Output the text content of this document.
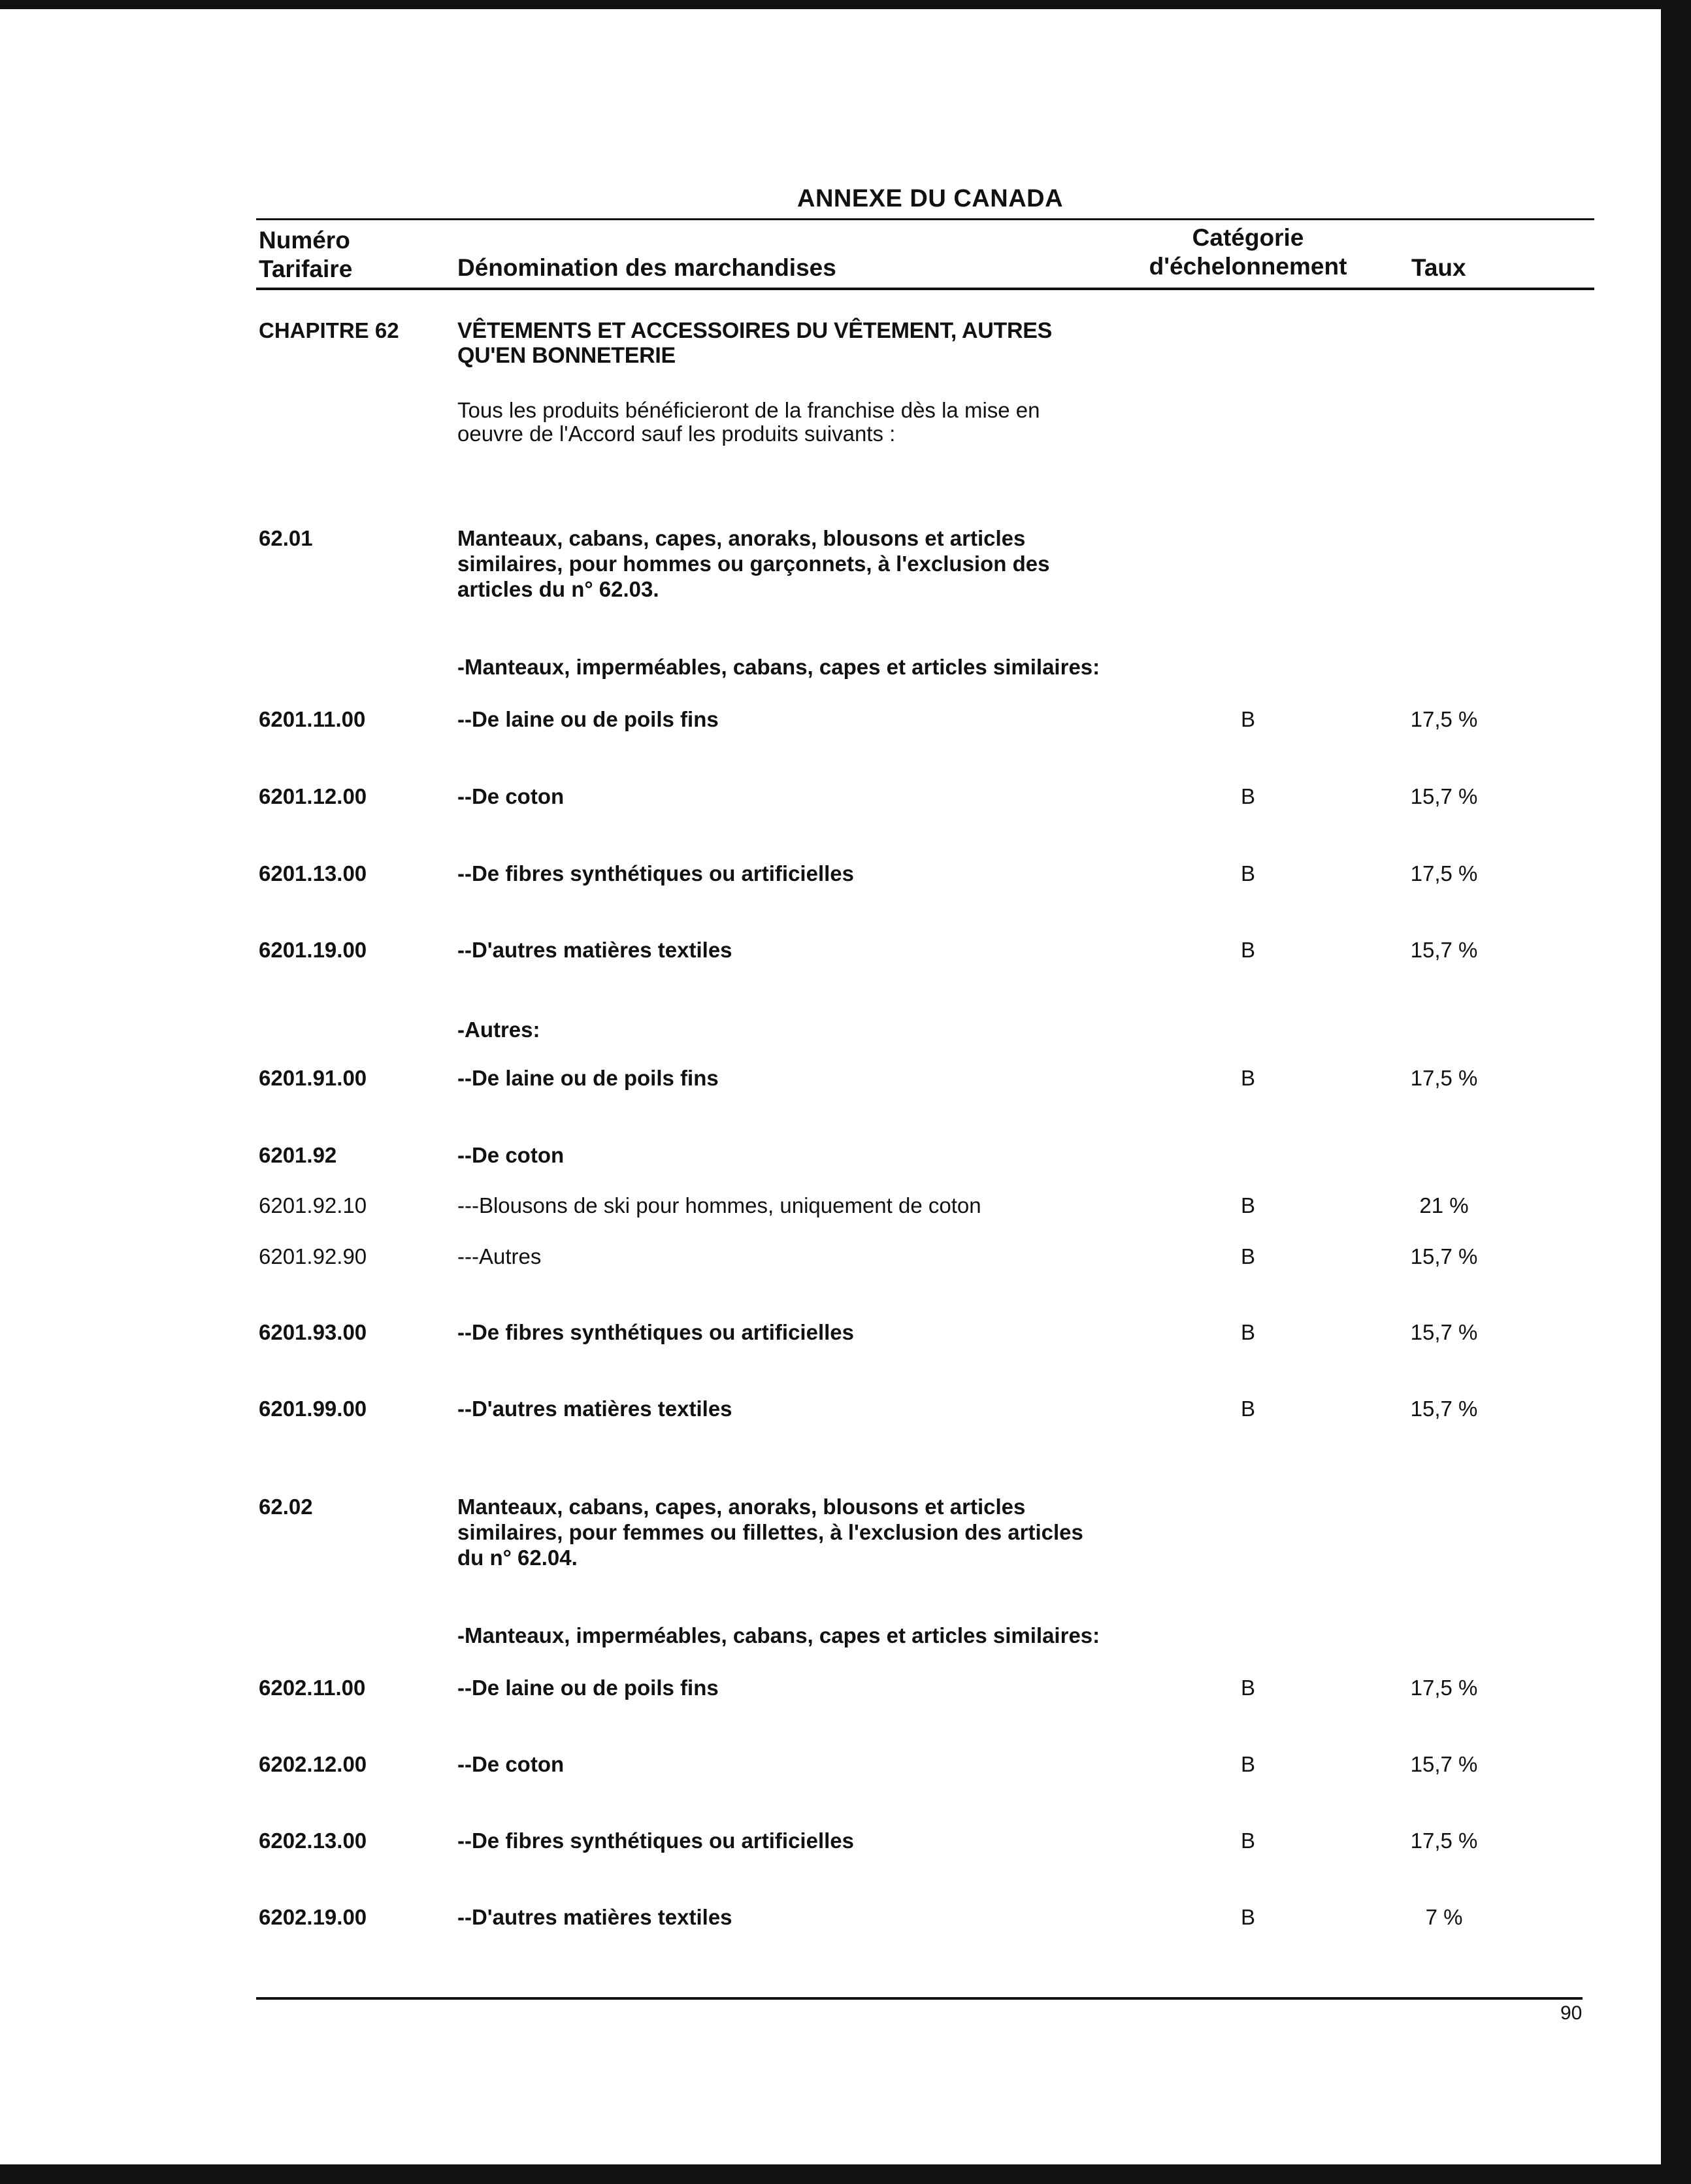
ANNEXE DU CANADA
Numéro
Tarifaire	Dénomination des marchandises
Catégorie
d'échelonnement	Taux
CHAPITRE 62	VÊTEMENTS ET ACCESSOIRES DU VÊTEMENT, AUTRES
QU'EN BONNETERIE
Tous les produits bénéficieront de la franchise dès la mise en
oeuvre de l'Accord sauf les produits suivants :
62.01	Manteaux, cabans, capes, anoraks, blousons et articles
similaires, pour hommes ou garçonnets, à l'exclusion des
articles du n° 62.03.
-Manteaux, imperméables, cabans, capes et articles similaires:
6201.11.00	--De laine ou de poils fins	B	17,5 %
6201.12.00	--De coton	B	15,7 %
6201.13.00	--De fibres synthétiques ou artificielles	B	17,5 %
6201.19.00	--D'autres matières textiles	B	15,7 %
-Autres:
6201.91.00	--De laine ou de poils fins	B	17,5 %
6201.92	--De coton
6201.92.10	---Blousons de ski pour hommes, uniquement de coton	B	21 %
6201.92.90	---Autres	B	15,7 %
6201.93.00	--De fibres synthétiques ou artificielles	B	15,7 %
6201.99.00	--D'autres matières textiles	B	15,7 %
62.02	Manteaux, cabans, capes, anoraks, blousons et articles
similaires, pour femmes ou fillettes, à l'exclusion des articles
du n° 62.04.
-Manteaux, imperméables, cabans, capes et articles similaires:
6202.11.00	--De laine ou de poils fins	B	17,5 %
6202.12.00	--De coton	B	15,7 %
6202.13.00	--De fibres synthétiques ou artificielles	B	17,5 %
6202.19.00	--D'autres matières textiles	B	7 %
90
